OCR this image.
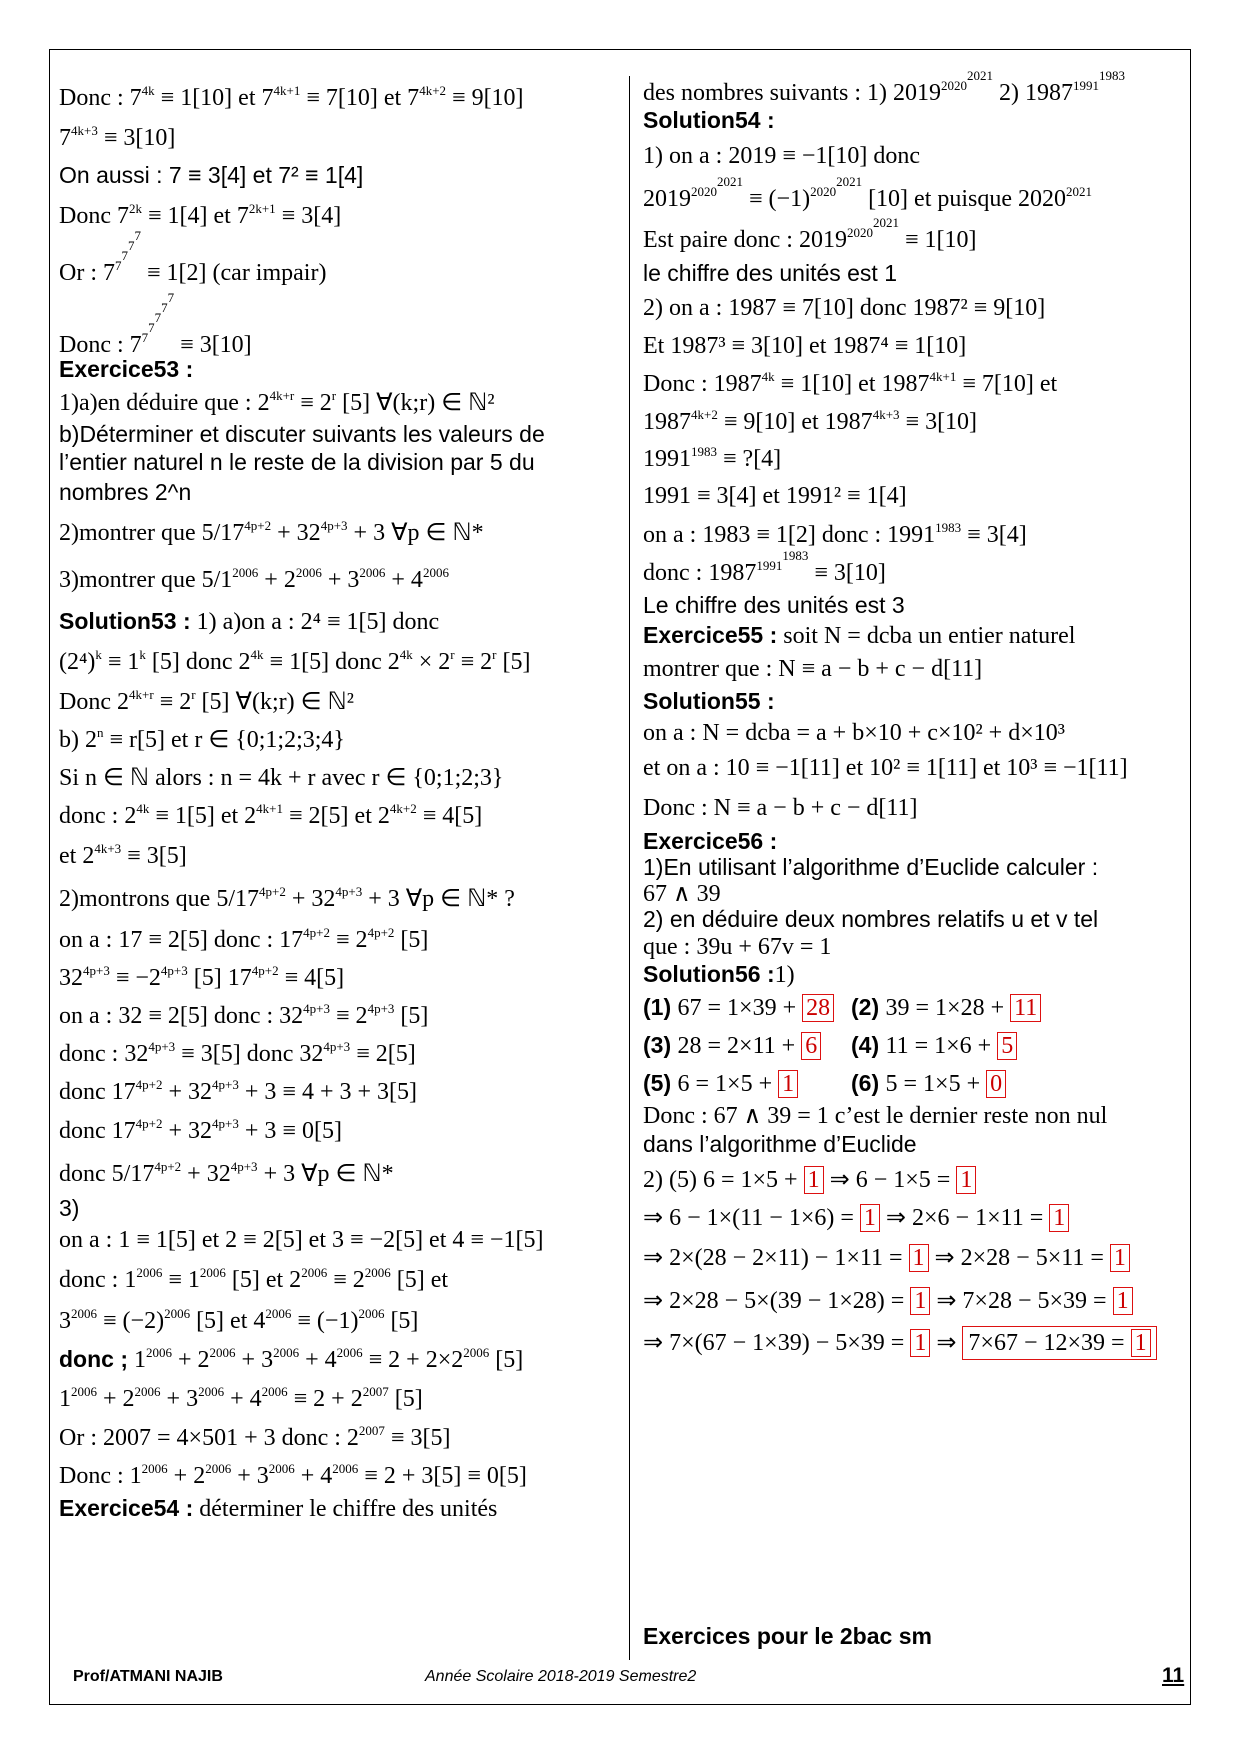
Donc : $7^{4k} \equiv 1[10]$ et $7^{4k+1} \equiv 7[10]$ et $7^{4k+2} \equiv 9[10]$
$7^{4k+3} \equiv 3[10]$
On aussi : 7 ≡ 3[4] et 7² ≡ 1[4]
Donc $7^{2k} \equiv 1[4]$ et $7^{2k+1} \equiv 3[4]$
Or : $7^{7^{7^{7^7}}} \equiv 1[2]$ (car impair)
Donc : $7^{7^{7^{7^{7^7}}}} \equiv 3[10]$
Exercice53 :
1)a)en déduire que : $2^{4k+r} \equiv 2^r$ [5] ∀(k;r) ∈ ℕ²
b)Déterminer et discuter suivants les valeurs de
l’entier naturel n le reste de la division par 5 du
nombres 2^n
2)montrer que $5/17^{4p+2} + 32^{4p+3} + 3$ ∀p ∈ ℕ*
3)montrer que $5/1^{2006} + 2^{2006} + 3^{2006} + 4^{2006}$
Solution53 : 1) a)on a : 2⁴ ≡ 1[5] donc
$(2^4)^k \equiv 1^k$ [5] donc $2^{4k} \equiv 1[5]$ donc $2^{4k} \times 2^r \equiv 2^r$ [5]
Donc $2^{4k+r} \equiv 2^r$ [5] ∀(k;r) ∈ ℕ²
b) $2^n \equiv r[5]$ et r ∈ {0;1;2;3;4}
Si n ∈ ℕ alors : n = 4k + r avec r ∈ {0;1;2;3}
donc : $2^{4k} \equiv 1[5]$ et $2^{4k+1} \equiv 2[5]$ et $2^{4k+2} \equiv 4[5]$
et $2^{4k+3} \equiv 3[5]$
2)montrons que $5/17^{4p+2} + 32^{4p+3} + 3$ ∀p ∈ ℕ* ?
on a : 17 ≡ 2[5] donc : $17^{4p+2} \equiv 2^{4p+2}$ [5]
$32^{4p+3} \equiv -2^{4p+3}$ [5] $17^{4p+2} \equiv 4[5]$
on a : 32 ≡ 2[5] donc : $32^{4p+3} \equiv 2^{4p+3}$ [5]
donc : $32^{4p+3} \equiv 3[5]$ donc $32^{4p+3} \equiv 2[5]$
donc $17^{4p+2} + 32^{4p+3} + 3 \equiv 4 + 3 + 3[5]$
donc $17^{4p+2} + 32^{4p+3} + 3 \equiv 0[5]$
donc $5/17^{4p+2} + 32^{4p+3} + 3$ ∀p ∈ ℕ*
3)
on a : 1 ≡ 1[5] et 2 ≡ 2[5] et 3 ≡ −2[5] et 4 ≡ −1[5]
donc : $1^{2006} \equiv 1^{2006}$ [5] et $2^{2006} \equiv 2^{2006}$ [5] et
$3^{2006} \equiv (-2)^{2006}$ [5] et $4^{2006} \equiv (-1)^{2006}$ [5]
donc ; $1^{2006} + 2^{2006} + 3^{2006} + 4^{2006} \equiv 2 + 2\times 2^{2006}$ [5]
$1^{2006} + 2^{2006} + 3^{2006} + 4^{2006} \equiv 2 + 2^{2007}$ [5]
Or : 2007 = 4×501 + 3 donc : $2^{2007} \equiv 3[5]$
Donc : $1^{2006} + 2^{2006} + 3^{2006} + 4^{2006} \equiv 2 + 3[5] \equiv 0[5]$
Exercice54 : déterminer le chiffre des unités
des nombres suivants : 1) $2019^{2020^{2021}}$ 2) $1987^{1991^{1983}}$
Solution54 :
1) on a : 2019 ≡ −1[10] donc
$2019^{2020^{2021}} \equiv (-1)^{2020^{2021}}$ [10] et puisque $2020^{2021}$
Est paire donc : $2019^{2020^{2021}} \equiv 1[10]$
le chiffre des unités est 1
2) on a : 1987 ≡ 7[10] donc 1987² ≡ 9[10]
Et 1987³ ≡ 3[10] et 1987⁴ ≡ 1[10]
Donc : $1987^{4k} \equiv 1[10]$ et $1987^{4k+1} \equiv 7[10]$ et
$1987^{4k+2} \equiv 9[10]$ et $1987^{4k+3} \equiv 3[10]$
$1991^{1983}$ ≡ ?[4]
1991 ≡ 3[4] et 1991² ≡ 1[4]
on a : 1983 ≡ 1[2] donc : $1991^{1983} \equiv 3[4]$
donc : $1987^{1991^{1983}} \equiv 3[10]$
Le chiffre des unités est 3
Exercice55 : soit N = dcba un entier naturel
montrer que : N ≡ a − b + c − d[11]
Solution55 :
on a : N = dcba = a + b×10 + c×10² + d×10³
et on a : 10 ≡ −1[11] et 10² ≡ 1[11] et 10³ ≡ −1[11]
Donc : N ≡ a − b + c − d[11]
Exercice56 :
1)En utilisant l’algorithme d’Euclide calculer :
67 ∧ 39
2) en déduire deux nombres relatifs u et v tel
que : 39u + 67v = 1
Solution56 :1)
(1) 67 = 1×39 + 28 (2) 39 = 1×28 + 11
(3) 28 = 2×11 + 6 (4) 11 = 1×6 + 5
(5) 6 = 1×5 + 1 (6) 5 = 1×5 + 0
Donc : 67 ∧ 39 = 1 c’est le dernier reste non nul
dans l’algorithme d’Euclide
2) (5) 6 = 1×5 + 1 ⇒ 6 − 1×5 = 1
⇒ 6 − 1×(11 − 1×6) = 1 ⇒ 2×6 − 1×11 = 1
⇒ 2×(28 − 2×11) − 1×11 = 1 ⇒ 2×28 − 5×11 = 1
⇒ 2×28 − 5×(39 − 1×28) = 1 ⇒ 7×28 − 5×39 = 1
⇒ 7×(67 − 1×39) − 5×39 = 1 ⇒ 7×67 − 12×39 = 1
Exercices pour le 2bac sm
Prof/ATMANI NAJIB	Année Scolaire 2018-2019 Semestre2	11
